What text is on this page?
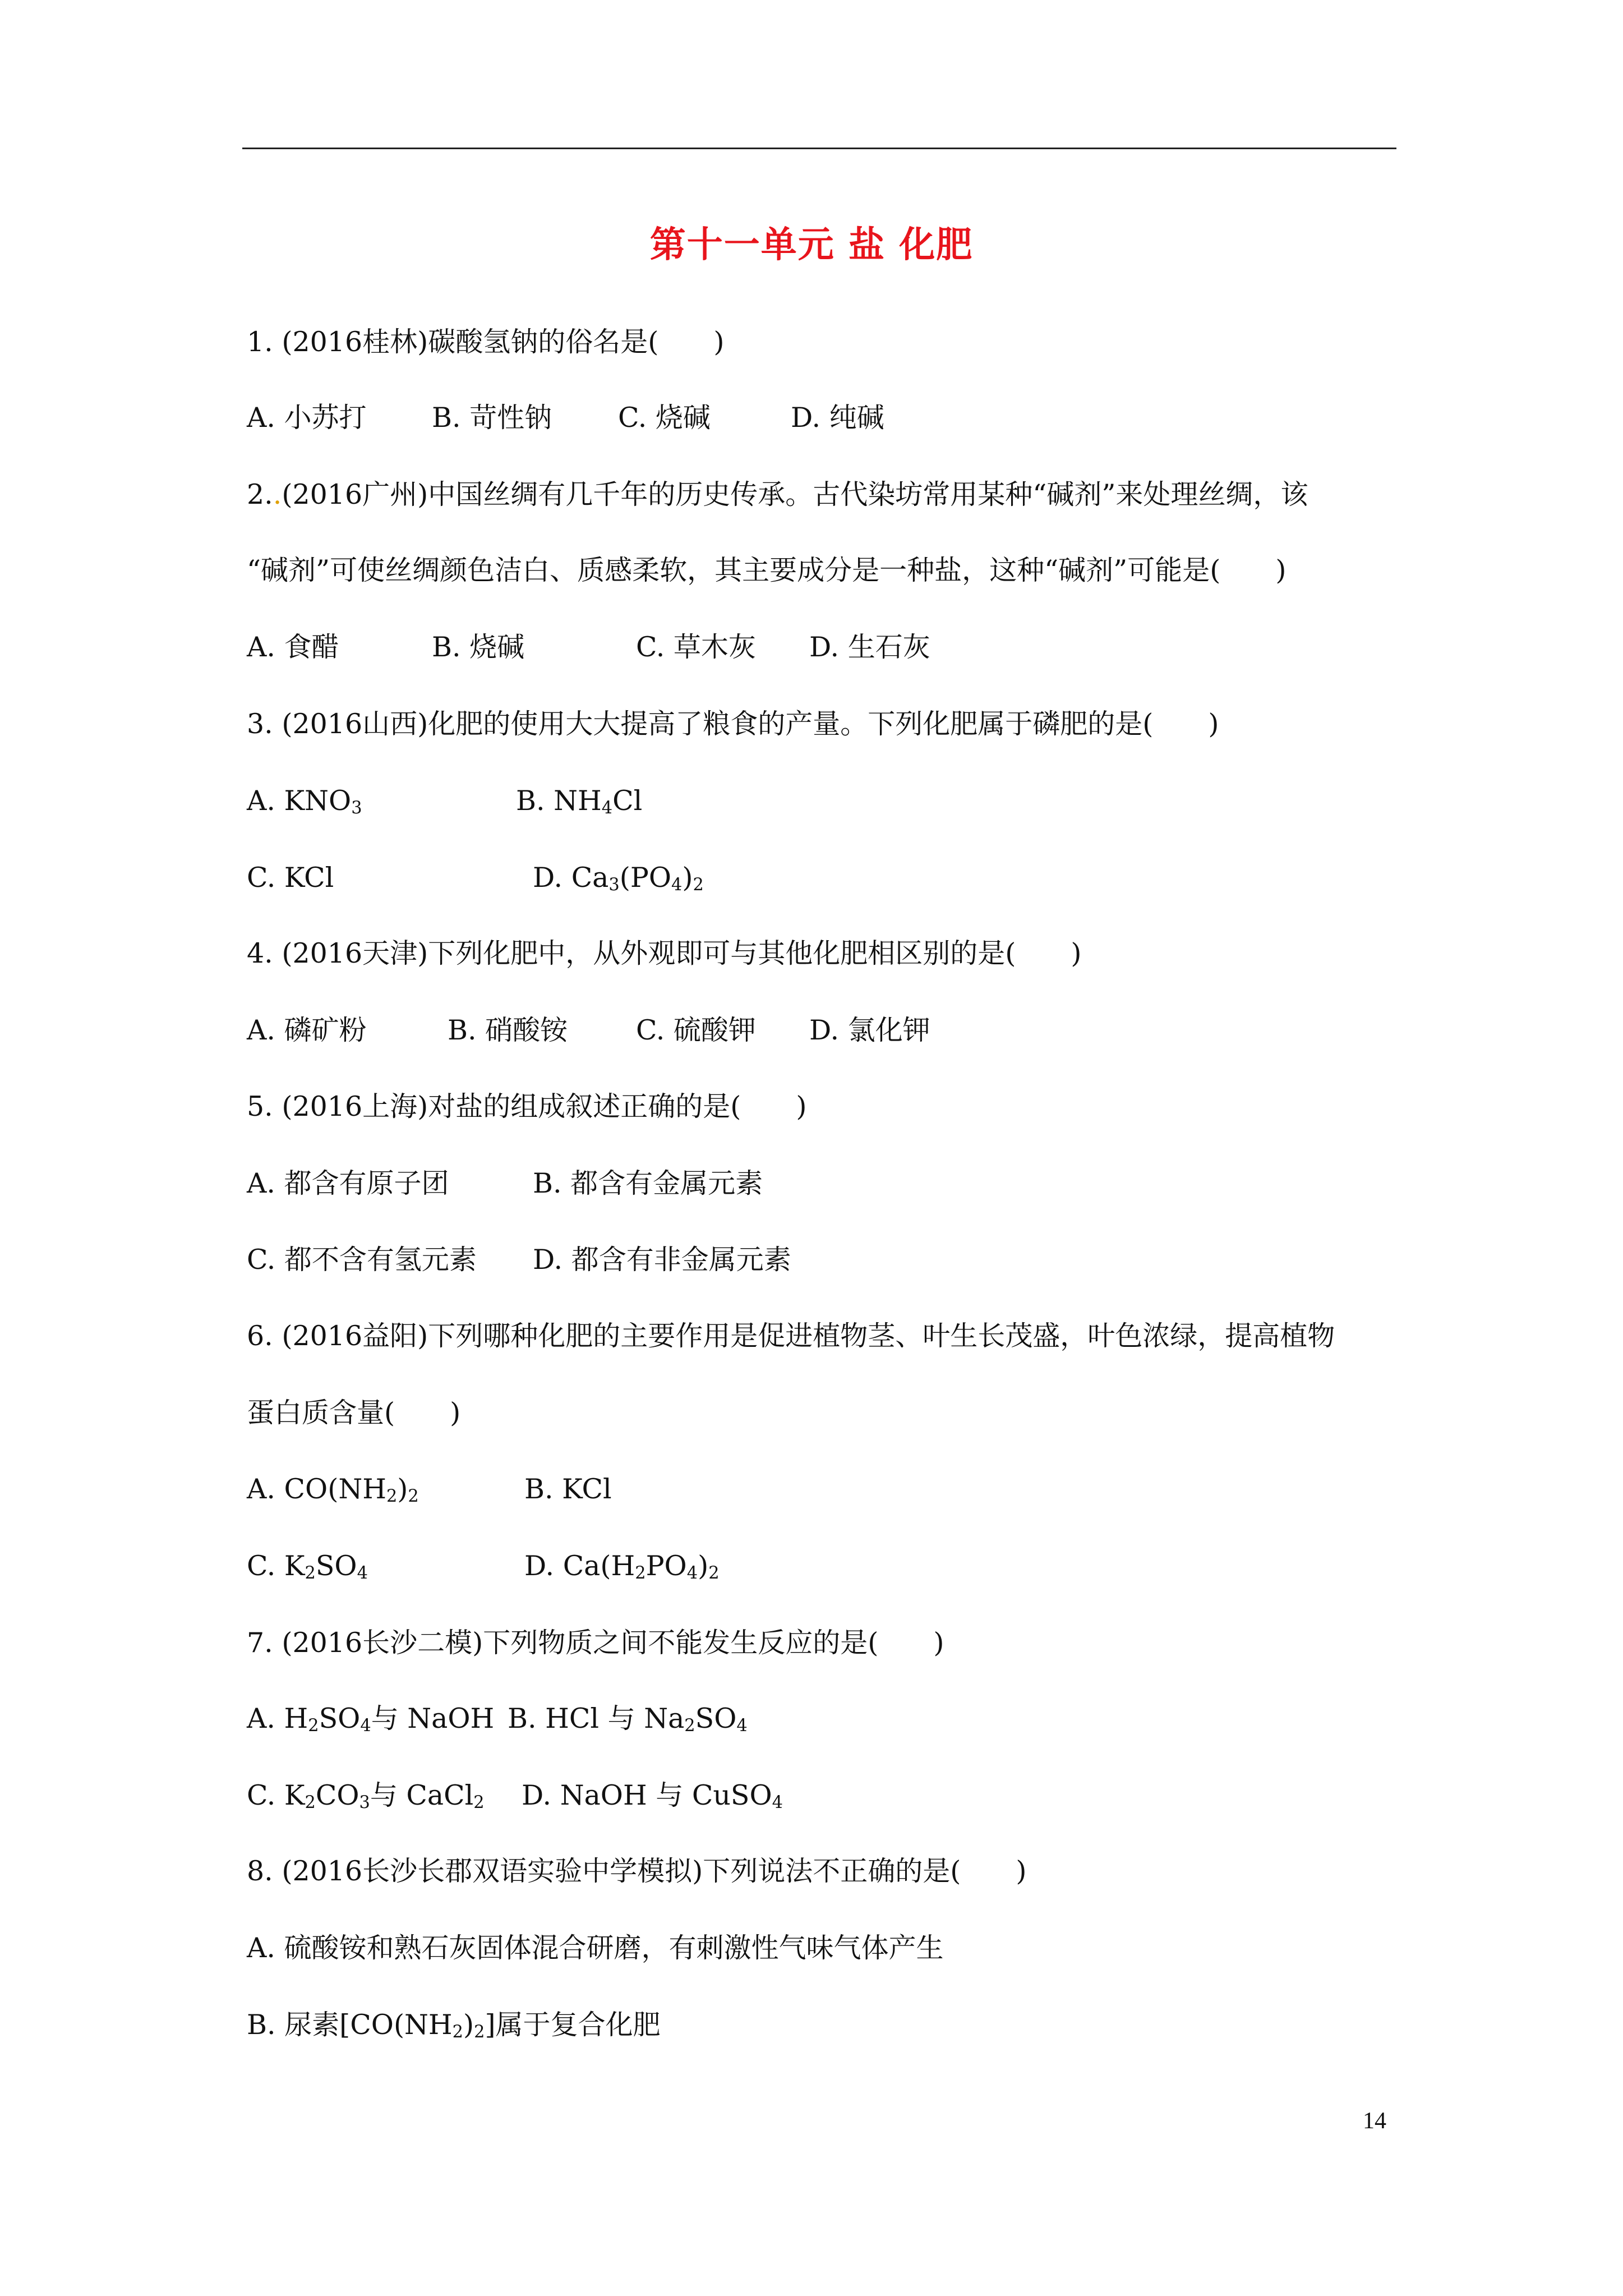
第十一单元 盐 化肥
1. (2016桂林)碳酸氢钠的俗名是(　　)
A. 小苏打 B. 苛性钠 C. 烧碱	D. 纯碱
2..(2016广州)中国丝绸有几千年的历史传承。古代染坊常用某种“碱剂”来处理丝绸，该
“碱剂”可使丝绸颜色洁白、质感柔软，其主要成分是一种盐，这种“碱剂”可能是(　　)
A. 食醋	B. 烧碱	C. 草木灰 D. 生石灰
3. (2016山西)化肥的使用大大提高了粮食的产量。下列化肥属于磷肥的是(　　)
A. $KNO_3$	B. $NH_4Cl$
C. KCl	D. $Ca_3(PO_4)_2$
4. (2016天津)下列化肥中，从外观即可与其他化肥相区别的是(　　)
A. 磷矿粉	B. 硝酸铵 C. 硫酸钾 D. 氯化钾
5. (2016上海)对盐的组成叙述正确的是(　　)
A. 都含有原子团	B. 都含有金属元素
C. 都不含有氢元素 D. 都含有非金属元素
6. (2016益阳)下列哪种化肥的主要作用是促进植物茎、叶生长茂盛，叶色浓绿，提高植物
蛋白质含量(　　)
A. $CO(NH_2)_2$	B. KCl
C. $K_2SO_4$	D. $Ca(H_2PO_4)_2$
7. (2016长沙二模)下列物质之间不能发生反应的是(　　)
A. $H_2SO_4$与 NaOH B. HCl 与 $Na_2SO_4$
C. $K_2CO_3$与 CaCl$_2$ D. NaOH 与 CuSO$_4$
8. (2016长沙长郡双语实验中学模拟)下列说法不正确的是(　　)
A. 硫酸铵和熟石灰固体混合研磨，有刺激性气味气体产生
B. 尿素$[CO(NH_2)_2]$属于复合化肥
14
